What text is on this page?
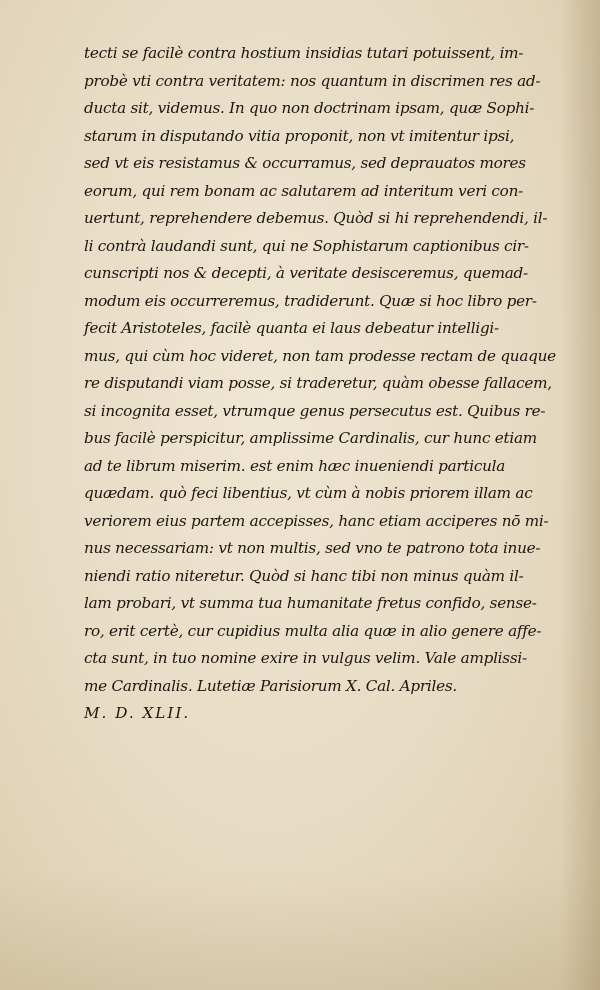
tecti se facilè contra hostium insidias tutari potuissent, im-
probè vti contra veritatem: nos quantum in discrimen res ad-
ducta sit, videmus. In quo non doctrinam ipsam, quæ Sophi-
starum in disputando vitia proponit, non vt imitentur ipsi,
sed vt eis resistamus & occurramus, sed deprauatos mores
eorum, qui rem bonam ac salutarem ad interitum veri con-
uertunt, reprehendere debemus. Quòd si hi reprehendendi, il-
li contrà laudandi sunt, qui ne Sophistarum captionibus cir-
cunscripti nos & decepti, à veritate desisceremus, quemad-
modum eis occurreremus, tradiderunt. Quæ si hoc libro per-
fecit Aristoteles, facilè quanta ei laus debeatur intelligi-
mus, qui cùm hoc videret, non tam prodesse rectam de quaque
re disputandi viam posse, si traderetur, quàm obesse fallacem,
si incognita esset, vtrumque genus persecutus est. Quibus re-
bus facilè perspicitur, amplissime Cardinalis, cur hunc etiam
ad te librum miserim. est enim hæc inueniendi particula
quædam. quò feci libentius, vt cùm à nobis priorem illam ac
veriorem eius partem accepisses, hanc etiam acciperes nō mi-
nus necessariam: vt non multis, sed vno te patrono tota inue-
niendi ratio niteretur. Quòd si hanc tibi non minus quàm il-
lam probari, vt summa tua humanitate fretus confido, sense-
ro, erit certè, cur cupidius multa alia quæ in alio genere affe-
cta sunt, in tuo nomine exire in vulgus velim. Vale amplissi-
me Cardinalis. Lutetiæ Parisiorum X. Cal. Apriles.
M. D. XLII.
